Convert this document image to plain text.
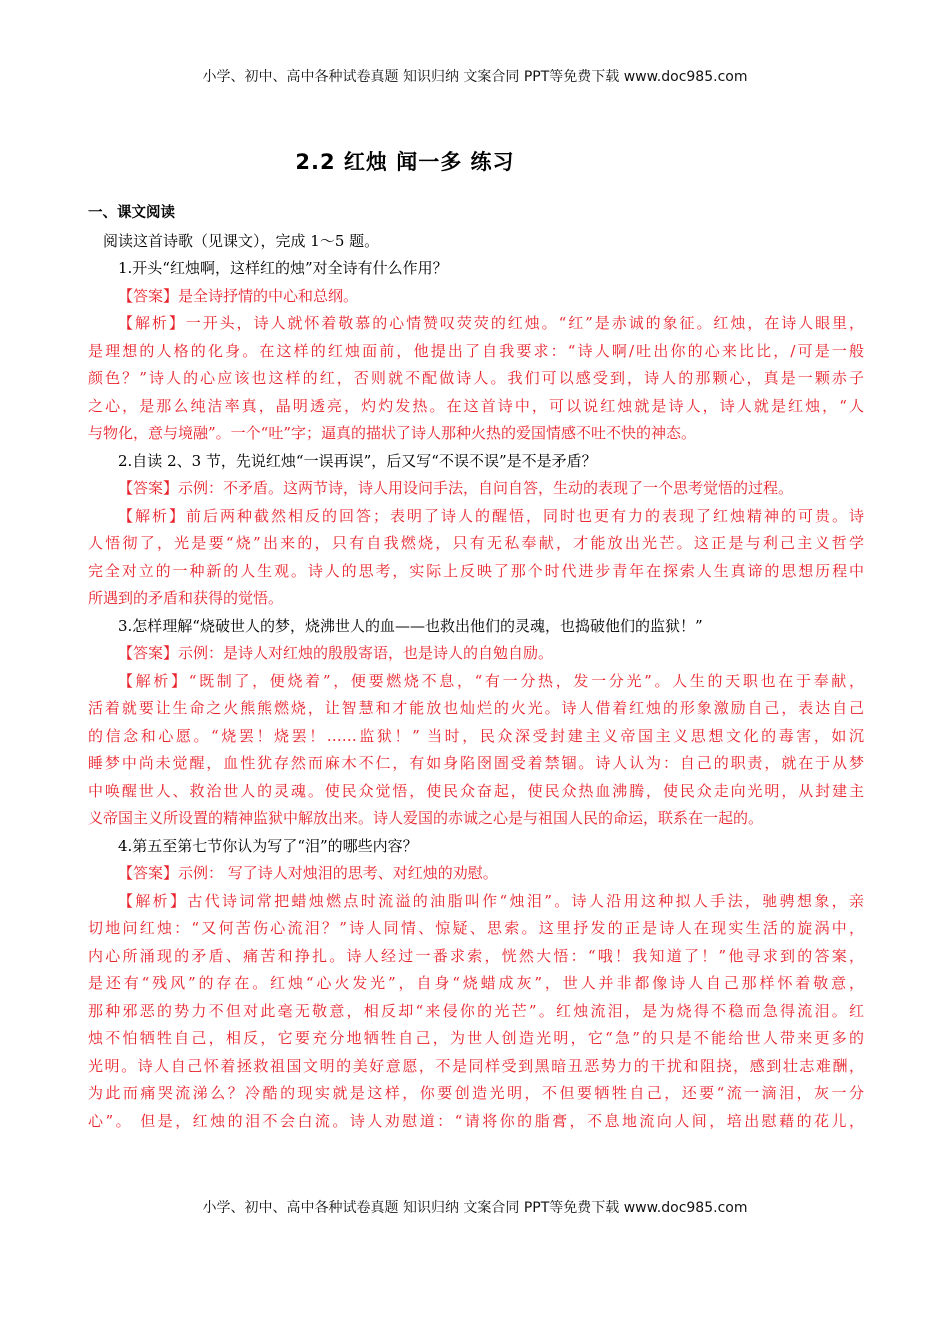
小学、初中、高中各种试卷真题 知识归纳 文案合同 PPT等免费下载 www.doc985.com
2.2 红烛 闻一多 练习
一、课文阅读
阅读这首诗歌（见课文），完成 1～5 题。
1.开头“红烛啊，这样红的烛”对全诗有什么作用？
【答案】是全诗抒情的中心和总纲。
【解析】一开头，诗人就怀着敬慕的心情赞叹荧荧的红烛。“红”是赤诚的象征。红烛，在诗人眼里，
是理想的人格的化身。在这样的红烛面前，他提出了自我要求：“诗人啊/吐出你的心来比比，/可是一般
颜色？”诗人的心应该也这样的红，否则就不配做诗人。我们可以感受到，诗人的那颗心，真是一颗赤子
之心，是那么纯洁率真，晶明透亮，灼灼发热。在这首诗中，可以说红烛就是诗人，诗人就是红烛，“人
与物化，意与境融”。一个“吐”字；逼真的描状了诗人那种火热的爱国情感不吐不快的神态。
2.自读 2、3 节，先说红烛“一误再误”，后又写“不误不误”是不是矛盾？
【答案】示例：不矛盾。这两节诗，诗人用设问手法，自问自答，生动的表现了一个思考觉悟的过程。
【解析】前后两种截然相反的回答；表明了诗人的醒悟，同时也更有力的表现了红烛精神的可贵。诗
人悟彻了，光是要“烧”出来的，只有自我燃烧，只有无私奉献，才能放出光芒。这正是与利己主义哲学
完全对立的一种新的人生观。诗人的思考，实际上反映了那个时代进步青年在探索人生真谛的思想历程中
所遇到的矛盾和获得的觉悟。
3.怎样理解“烧破世人的梦，烧沸世人的血——也救出他们的灵魂，也捣破他们的监狱！”
【答案】示例：是诗人对红烛的殷殷寄语，也是诗人的自勉自励。
【解析】“既制了，便烧着”，便要燃烧不息，“有一分热，发一分光”。人生的天职也在于奉献，
活着就要让生命之火熊熊燃烧，让智慧和才能放也灿烂的火光。诗人借着红烛的形象激励自己，表达自己
的信念和心愿。“烧罢！烧罢！……监狱！” 当时，民众深受封建主义帝国主义思想文化的毒害，如沉
睡梦中尚未觉醒，血性犹存然而麻木不仁，有如身陷囹圄受着禁锢。诗人认为：自己的职责，就在于从梦
中唤醒世人、救治世人的灵魂。使民众觉悟，使民众奋起，使民众热血沸腾，使民众走向光明，从封建主
义帝国主义所设置的精神监狱中解放出来。诗人爱国的赤诚之心是与祖国人民的命运，联系在一起的。
4.第五至第七节你认为写了“泪”的哪些内容？
【答案】示例： 写了诗人对烛泪的思考、对红烛的劝慰。
【解析】古代诗词常把蜡烛燃点时流溢的油脂叫作“烛泪”。诗人沿用这种拟人手法，驰骋想象，亲
切地问红烛：“又何苦伤心流泪？”诗人同情、惊疑、思索。这里抒发的正是诗人在现实生活的旋涡中，
内心所涌现的矛盾、痛苦和挣扎。诗人经过一番求索，恍然大悟：“哦！我知道了！”他寻求到的答案，
是还有“残风”的存在。红烛“心火发光”，自身“烧蜡成灰”，世人并非都像诗人自己那样怀着敬意，
那种邪恶的势力不但对此毫无敬意，相反却“来侵你的光芒”。红烛流泪，是为烧得不稳而急得流泪。红
烛不怕牺牲自己，相反，它要充分地牺牲自己，为世人创造光明，它“急”的只是不能给世人带来更多的
光明。诗人自己怀着拯救祖国文明的美好意愿，不是同样受到黑暗丑恶势力的干扰和阻挠，感到壮志难酬，
为此而痛哭流涕么？冷酷的现实就是这样，你要创造光明，不但要牺牲自己，还要“流一滴泪，灰一分
心”。 但是，红烛的泪不会白流。诗人劝慰道：“请将你的脂膏，不息地流向人间，培出慰藉的花儿，
小学、初中、高中各种试卷真题 知识归纳 文案合同 PPT等免费下载 www.doc985.com
